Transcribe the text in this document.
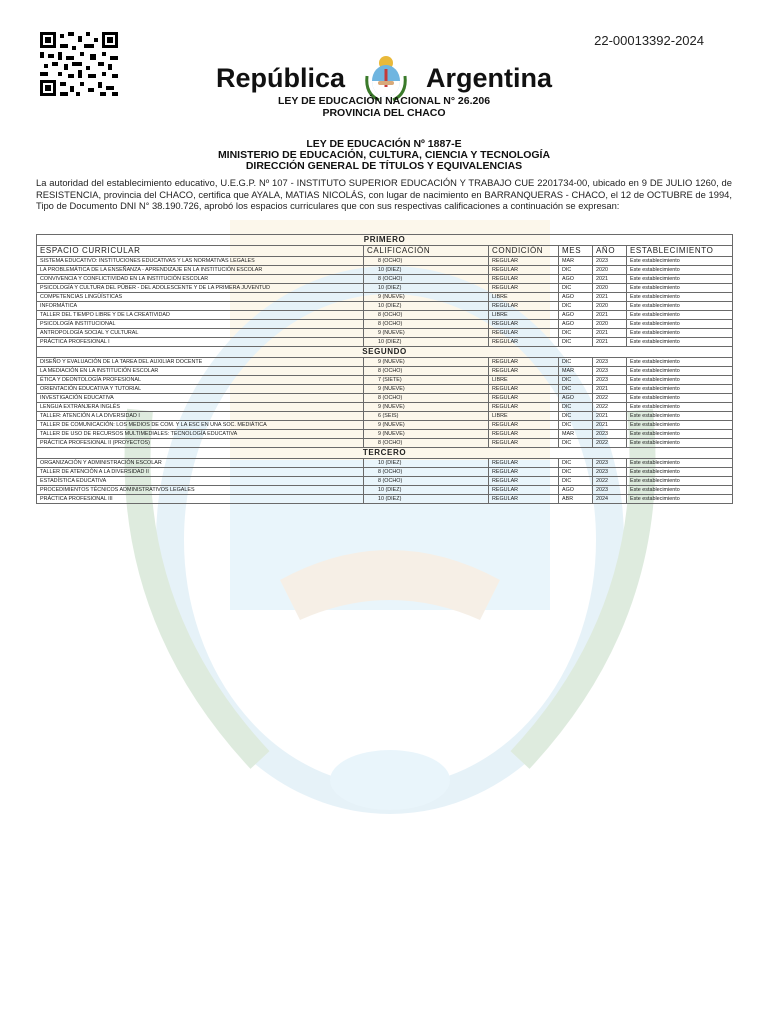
22-00013392-2024
República	Argentina
LEY DE EDUCACIÓN NACIONAL N° 26.206
PROVINCIA DEL CHACO
LEY DE EDUCACIÓN Nº 1887-E
MINISTERIO DE EDUCACIÓN, CULTURA, CIENCIA Y TECNOLOGÍA
DIRECCIÓN GENERAL DE TÍTULOS Y EQUIVALENCIAS
La autoridad del establecimiento educativo, U.E.G.P. Nº 107 - INSTITUTO SUPERIOR EDUCACIÓN Y TRABAJO CUE 2201734-00, ubicado en 9 DE JULIO 1260, de RESISTENCIA, provincia del CHACO, certifica que AYALA, MATIAS NICOLÁS, con lugar de nacimiento en BARRANQUERAS - CHACO, el 12 de OCTUBRE de 1994, Tipo de Documento DNI N° 38.190.726, aprobó los espacios curriculares que con sus respectivas calificaciones a continuación se expresan:
PRIMERO					
ESPACIO CURRICULAR	CALIFICACIÓN	CONDICIÓN	MES	AÑO	ESTABLECIMIENTO
SISTEMA EDUCATIVO: INSTITUCIONES EDUCATIVAS Y LAS NORMATIVAS LEGALES	8 (OCHO)	REGULAR	MAR	2023	Este establecimiento
LA PROBLEMÁTICA DE LA ENSEÑANZA - APRENDIZAJE EN LA INSTITUCIÓN ESCOLAR	10 (DIEZ)	REGULAR	DIC	2020	Este establecimiento
CONVIVENCIA Y CONFLICTIVIDAD EN LA INSTITUCIÓN ESCOLAR	8 (OCHO)	REGULAR	AGO	2021	Este establecimiento
PSICOLOGÍA Y CULTURA DEL PÚBER - DEL ADOLESCENTE Y DE LA PRIMERA JUVENTUD	10 (DIEZ)	REGULAR	DIC	2020	Este establecimiento
COMPETENCIAS LINGÜÍSTICAS	9 (NUEVE)	LIBRE	AGO	2021	Este establecimiento
INFORMÁTICA	10 (DIEZ)	REGULAR	DIC	2020	Este establecimiento
TALLER DEL TIEMPO LIBRE Y DE LA CREATIVIDAD	8 (OCHO)	LIBRE	AGO	2021	Este establecimiento
PSICOLOGÍA INSTITUCIONAL	8 (OCHO)	REGULAR	AGO	2020	Este establecimiento
ANTROPOLOGÍA SOCIAL Y CULTURAL	9 (NUEVE)	REGULAR	DIC	2021	Este establecimiento
PRÁCTICA PROFESIONAL I	10 (DIEZ)	REGULAR	DIC	2021	Este establecimiento
SEGUNDO					
DISEÑO Y EVALUACIÓN DE LA TAREA DEL AUXILIAR DOCENTE	9 (NUEVE)	REGULAR	DIC	2023	Este establecimiento
LA MEDIACIÓN EN LA INSTITUCIÓN ESCOLAR	8 (OCHO)	REGULAR	MAR	2023	Este establecimiento
ÉTICA Y DEONTOLOGÍA PROFESIONAL	7 (SIETE)	LIBRE	DIC	2023	Este establecimiento
ORIENTACIÓN EDUCATIVA Y TUTORIAL	9 (NUEVE)	REGULAR	DIC	2021	Este establecimiento
INVESTIGACIÓN EDUCATIVA	8 (OCHO)	REGULAR	AGO	2022	Este establecimiento
LENGUA EXTRANJERA INGLÉS	9 (NUEVE)	REGULAR	DIC	2022	Este establecimiento
TALLER: ATENCIÓN A LA DIVERSIDAD I	6 (SEIS)	LIBRE	DIC	2021	Este establecimiento
TALLER DE COMUNICACIÓN: LOS MEDIOS DE COM. Y LA ESC EN UNA SOC. MEDIÁTICA	9 (NUEVE)	REGULAR	DIC	2021	Este establecimiento
TALLER DE USO DE RECURSOS MULTIMEDIALES: TECNOLOGÍA EDUCATIVA	9 (NUEVE)	REGULAR	MAR	2023	Este establecimiento
PRÁCTICA PROFESIONAL II (PROYECTOS)	8 (OCHO)	REGULAR	DIC	2022	Este establecimiento
TERCERO					
ORGANIZACIÓN Y ADMINISTRACIÓN ESCOLAR	10 (DIEZ)	REGULAR	DIC	2023	Este establecimiento
TALLER DE ATENCIÓN A LA DIVERSIDAD II	8 (OCHO)	REGULAR	DIC	2023	Este establecimiento
ESTADÍSTICA EDUCATIVA	8 (OCHO)	REGULAR	DIC	2022	Este establecimiento
PROCEDIMIENTOS TÉCNICOS ADMINISTRATIVOS LEGALES	10 (DIEZ)	REGULAR	AGO	2023	Este establecimiento
PRÁCTICA PROFESIONAL III	10 (DIEZ)	REGULAR	ABR	2024	Este establecimiento
